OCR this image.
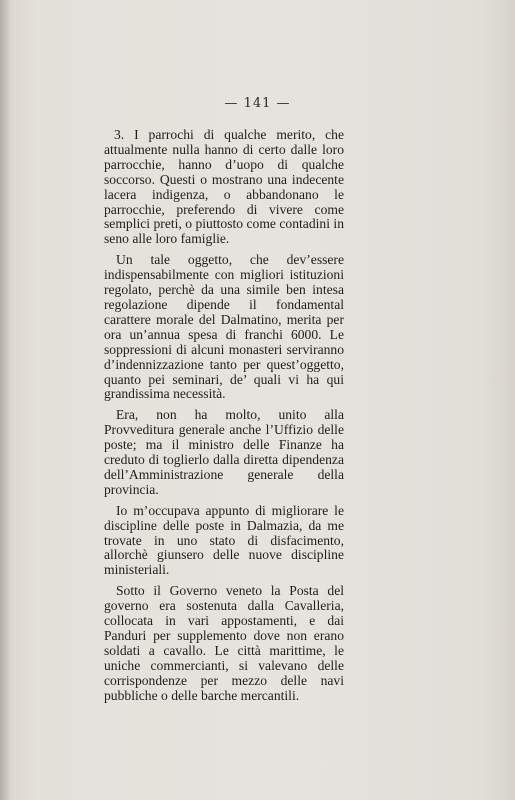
— 141 —

3. I parrochi di qualche merito, che attualmente nulla hanno di certo dalle loro parrocchie, hanno d’uopo di qualche soccorso. Questi o mostrano una indecente lacera indigenza, o abbandonano le parrocchie, preferendo di vivere come semplici preti, o piuttosto come contadini in seno alle loro famiglie.

Un tale oggetto, che dev’essere indispensabilmente con migliori istituzioni regolato, perchè da una simile ben intesa regolazione dipende il fondamental carattere morale del Dalmatino, merita per ora un’annua spesa di franchi 6000. Le soppressioni di alcuni monasteri serviranno d’indennizzazione tanto per quest’oggetto, quanto pei seminari, de’ quali vi ha qui grandissima necessità.

Era, non ha molto, unito alla Provveditura generale anche l’Uffizio delle poste; ma il ministro delle Finanze ha creduto di toglierlo dalla diretta dipendenza dell’Amministrazione generale della provincia.

Io m’occupava appunto di migliorare le discipline delle poste in Dalmazia, da me trovate in uno stato di disfacimento, allorchè giunsero delle nuove discipline ministeriali.

Sotto il Governo veneto la Posta del governo era sostenuta dalla Cavalleria, collocata in vari appostamenti, e dai Panduri per supplemento dove non erano soldati a cavallo. Le città marittime, le uniche commercianti, si valevano delle corrispondenze per mezzo delle navi pubbliche o delle barche mercantili.
